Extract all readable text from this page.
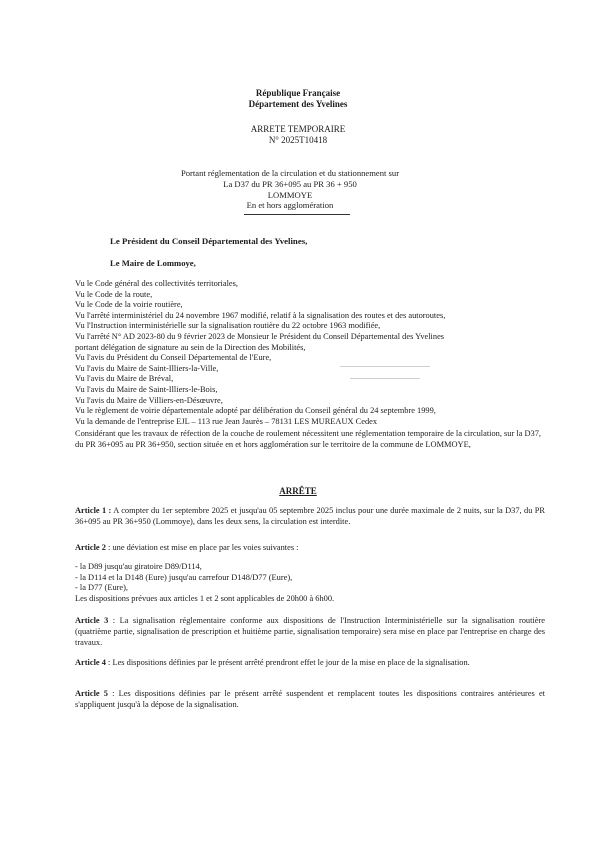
République Française
Département des Yvelines
ARRETE TEMPORAIRE
N° 2025T10418
Portant réglementation de la circulation et du stationnement sur
La D37 du PR 36+095 au PR 36 + 950
LOMMOYE
En et hors agglomération
Le Président du Conseil Départemental des Yvelines,
Le Maire de Lommoye,
Vu le Code général des collectivités territoriales,
Vu le Code de la route,
Vu le Code de la voirie routière,
Vu l'arrêté interministériel du 24 novembre 1967 modifié, relatif à la signalisation des routes et des autoroutes,
Vu l'Instruction interministérielle sur la signalisation routière du 22 octobre 1963 modifiée,
Vu l'arrêté N° AD 2023-80 du 9 février 2023 de Monsieur le Président du Conseil Départemental des Yvelines
portant délégation de signature au sein de la Direction des Mobilités,
Vu l'avis du Président du Conseil Départemental de l'Eure,
Vu l'avis du Maire de Saint-Illiers-la-Ville,
Vu l'avis du Maire de Bréval,
Vu l'avis du Maire de Saint-Illiers-le-Bois,
Vu l'avis du Maire de Villiers-en-Désœuvre,
Vu le règlement de voirie départementale adopté par délibération du Conseil général du 24 septembre 1999,
Vu la demande de l'entreprise EJL – 113 rue Jean Jaurès – 78131 LES MUREAUX Cedex
Considérant que les travaux de réfection de la couche de roulement nécessitent une réglementation temporaire de la circulation, sur la D37, du PR 36+095 au PR 36+950, section située en et hors agglomération sur le territoire de la commune de LOMMOYE,
ARRÊTE
Article 1 : A compter du 1er septembre 2025 et jusqu'au 05 septembre 2025 inclus pour une durée maximale de 2 nuits, sur la D37, du PR 36+095 au PR 36+950 (Lommoye), dans les deux sens, la circulation est interdite.
Article 2 : une déviation est mise en place par les voies suivantes :
- la D89 jusqu'au giratoire D89/D114,
- la D114 et la D148 (Eure) jusqu'au carrefour D148/D77 (Eure),
- la D77 (Eure),
Les dispositions prévues aux articles 1 et 2 sont applicables de 20h00 à 6h00.
Article 3 : La signalisation réglementaire conforme aux dispositions de l'Instruction Interministérielle sur la signalisation routière (quatrième partie, signalisation de prescription et huitième partie, signalisation temporaire) sera mise en place par l'entreprise en charge des travaux.
Article 4 : Les dispositions définies par le présent arrêté prendront effet le jour de la mise en place de la signalisation.
Article 5 : Les dispositions définies par le présent arrêté suspendent et remplacent toutes les dispositions contraires antérieures et s'appliquent jusqu'à la dépose de la signalisation.
